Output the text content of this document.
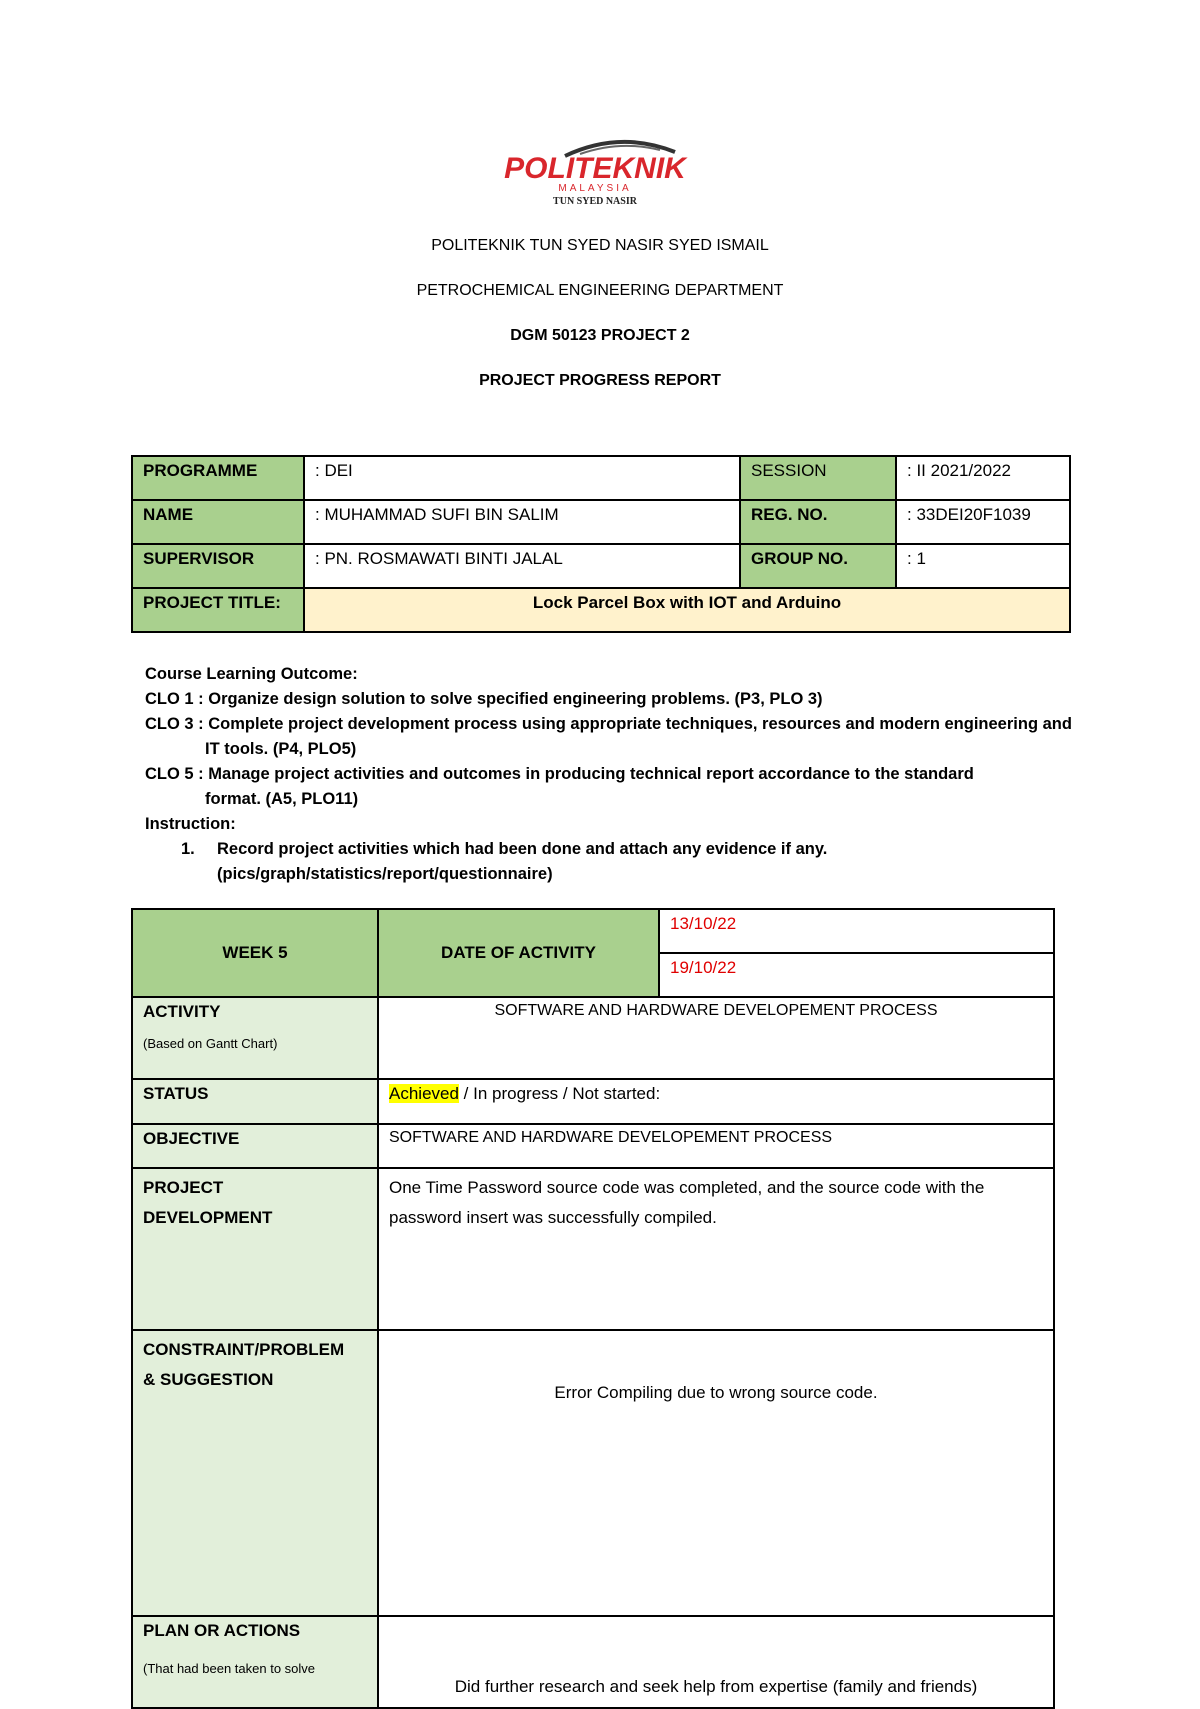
POLITEKNIK
MALAYSIA
TUN SYED NASIR
POLITEKNIK TUN SYED NASIR SYED ISMAIL
PETROCHEMICAL ENGINEERING DEPARTMENT
DGM 50123 PROJECT 2
PROJECT PROGRESS REPORT
PROGRAMME	: DEI	SESSION	: II 2021/2022
NAME	: MUHAMMAD SUFI BIN SALIM	REG. NO.	: 33DEI20F1039
SUPERVISOR	: PN. ROSMAWATI BINTI JALAL	GROUP NO.	: 1
PROJECT TITLE:	Lock Parcel Box with IOT and Arduino		
Course Learning Outcome:
CLO 1 : Organize design solution to solve specified engineering problems. (P3, PLO 3)
CLO 3 : Complete project development process using appropriate techniques, resources and modern engineering and
IT tools. (P4, PLO5)
CLO 5 : Manage project activities and outcomes in producing technical report accordance to the standard
format. (A5, PLO11)
Instruction:
1. Record project activities which had been done and attach any evidence if any.
(pics/graph/statistics/report/questionnaire)
WEEK 5	DATE OF ACTIVITY	13/10/22
		19/10/22
ACTIVITY
(Based on Gantt Chart)	SOFTWARE AND HARDWARE DEVELOPEMENT PROCESS	
STATUS	Achieved / In progress / Not started:	
OBJECTIVE	SOFTWARE AND HARDWARE DEVELOPEMENT PROCESS	

PROJECT
DEVELOPMENT	One Time Password source code was completed, and the source code with the password insert was successfully compiled.	

CONSTRAINT/PROBLEM
& SUGGESTION	Error Compiling due to wrong source code.	
PLAN OR ACTIONS
(That had been taken to solve	Did further research and seek help from expertise (family and friends)	
